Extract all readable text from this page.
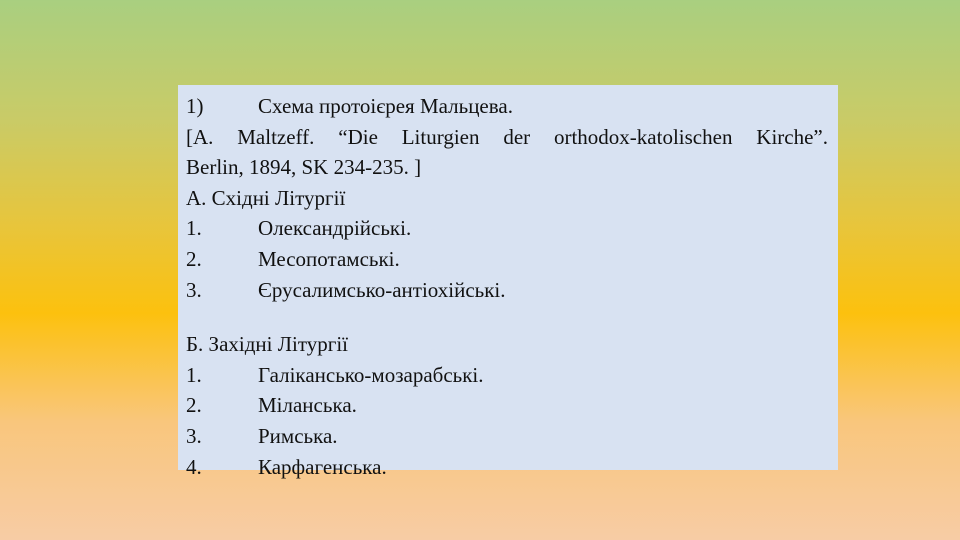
1)	Схема протоієрея Мальцева.
[A. Maltzeff. “Die Liturgien der orthodox-katolischen Kirche”.
Berlin, 1894, SK 234-235. ]
А. Східні Літургії
1.	Олександрійські.
2.	Месопотамські.
3.	Єрусалимсько-антіохійські.
Б. Західні Літургії
1.	Галікансько-мозарабські.
2.	Міланська.
3.	Римська.
4.	Карфагенська.
